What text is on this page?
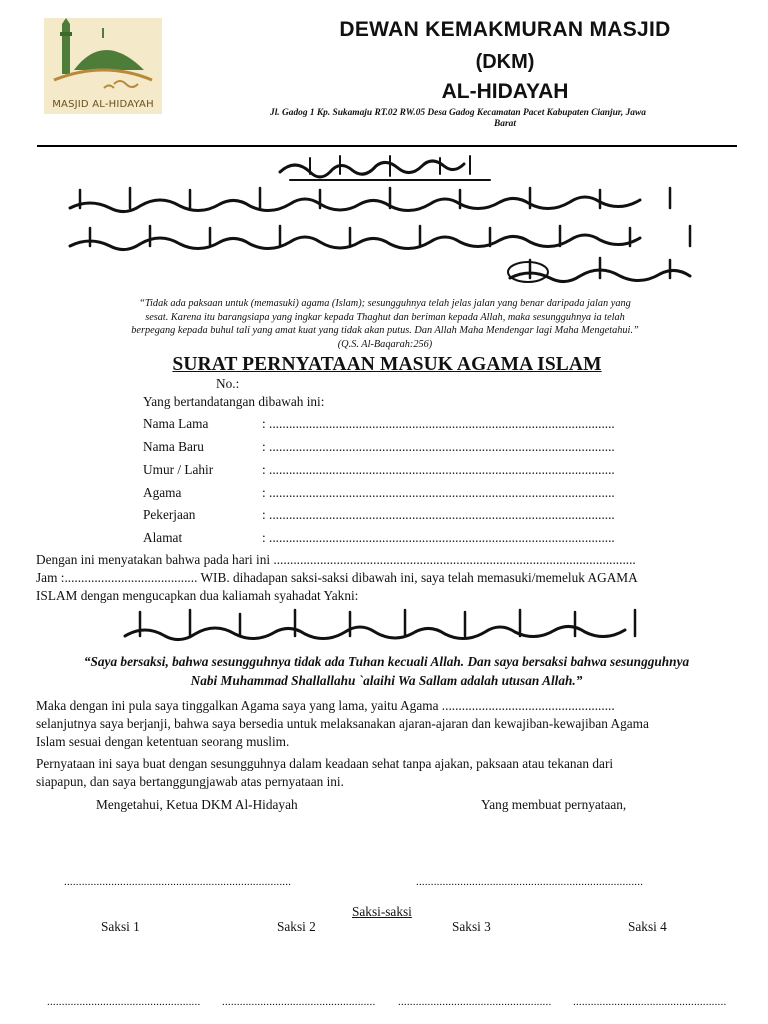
MASJID AL-HIDAYAH
DEWAN KEMAKMURAN MASJID
(DKM)
AL-HIDAYAH
Jl. Gadog 1 Kp. Sukamaju RT.02 RW.05 Desa Gadog Kecamatan Pacet Kabupaten Cianjur, Jawa
Barat
“Tidak ada paksaan untuk (memasuki) agama (Islam); sesungguhnya telah jelas jalan yang benar daripada jalan yang
sesat. Karena itu barangsiapa yang ingkar kepada Thaghut dan beriman kepada Allah, maka sesungguhnya ia telah
berpegang kepada buhul tali yang amat kuat yang tidak akan putus. Dan Allah Maha Mendengar lagi Maha Mengetahui.”
(Q.S. Al-Baqarah:256)
SURAT PERNYATAAN MASUK AGAMA ISLAM
No.:
Yang bertandatangan dibawah ini:
Nama Lama	: ........................................................................................................
Nama Baru	: ........................................................................................................
Umur / Lahir	: ........................................................................................................
Agama	: ........................................................................................................
Pekerjaan	: ........................................................................................................
Alamat	: ........................................................................................................
Dengan ini menyatakan bahwa pada hari ini .............................................................................................................
Jam :........................................ WIB. dihadapan saksi-saksi dibawah ini, saya telah memasuki/memeluk AGAMA
ISLAM dengan mengucapkan dua kaliamah syahadat Yakni:
“Saya bersaksi, bahwa sesungguhnya tidak ada Tuhan kecuali Allah. Dan saya bersaksi bahwa sesungguhnya
Nabi Muhammad Shallallahu `alaihi Wa Sallam adalah utusan Allah.”
Maka dengan ini pula saya tinggalkan Agama saya yang lama, yaitu Agama ....................................................
selanjutnya saya berjanji, bahwa saya bersedia untuk melaksanakan ajaran-ajaran dan kewajiban-kewajiban Agama
Islam sesuai dengan ketentuan seorang muslim.
Pernyataan ini saya buat dengan sesungguhnya dalam keadaan sehat tanpa ajakan, paksaan atau tekanan dari
siapapun, dan saya bertanggungjawab atas pernyataan ini.
Mengetahui, Ketua DKM Al-Hidayah	Yang membuat pernyataan,
.............................................................................	.............................................................................
Saksi-saksi
Saksi 1	Saksi 2	Saksi 3	Saksi 4
.................................................... .................................................... .................................................... ....................................................
